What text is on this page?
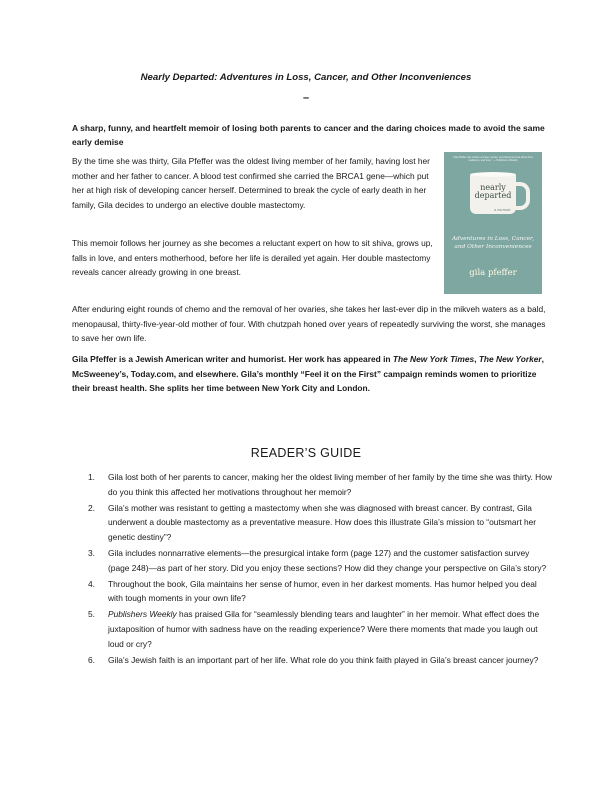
Nearly Departed: Adventures in Loss, Cancer, and Other Inconveniences
–
A sharp, funny, and heartfelt memoir of losing both parents to cancer and the daring choices made to avoid the same early demise
By the time she was thirty, Gila Pfeffer was the oldest living member of her family, having lost her mother and her father to cancer. A blood test confirmed she carried the BRCA1 gene—which put her at high risk of developing cancer herself. Determined to break the cycle of early death in her family, Gila decides to undergo an elective double mastectomy.
This memoir follows her journey as she becomes a reluctant expert on how to sit shiva, grows up, falls in love, and enters motherhood, before her life is derailed yet again. Her double mastectomy reveals cancer already growing in one breast.
After enduring eight rounds of chemo and the removal of her ovaries, she takes her last-ever dip in the mikveh waters as a bald, menopausal, thirty-five-year-old mother of four. With chutzpah honed over years of repeatedly surviving the worst, she manages to save her own life.
Gila Pfeffer is a Jewish American writer and humorist. Her work has appeared in The New York Times, The New Yorker, McSweeney’s, Today.com, and elsewhere. Gila’s monthly “Feel it on the First” campaign reminds women to prioritize their breast health. She splits her time between New York City and London.
“Gila Pfeffer has written a brave, tender, and hilarious book about loss, resilience, and love.” — Publishers Weekly
nearly
departed
a memoir
Adventures in Loss, Cancer,
and Other Inconveniences
gila pfeffer
READER’S GUIDE
1. Gila lost both of her parents to cancer, making her the oldest living member of her family by the time she was thirty. How do you think this affected her motivations throughout her memoir?
2. Gila’s mother was resistant to getting a mastectomy when she was diagnosed with breast cancer. By contrast, Gila underwent a double mastectomy as a preventative measure. How does this illustrate Gila’s mission to “outsmart her genetic destiny”?
3. Gila includes nonnarrative elements—the presurgical intake form (page 127) and the customer satisfaction survey (page 248)—as part of her story. Did you enjoy these sections? How did they change your perspective on Gila’s story?
4. Throughout the book, Gila maintains her sense of humor, even in her darkest moments. Has humor helped you deal with tough moments in your own life?
5. Publishers Weekly has praised Gila for “seamlessly blending tears and laughter” in her memoir. What effect does the juxtaposition of humor with sadness have on the reading experience? Were there moments that made you laugh out loud or cry?
6. Gila’s Jewish faith is an important part of her life. What role do you think faith played in Gila’s breast cancer journey?
